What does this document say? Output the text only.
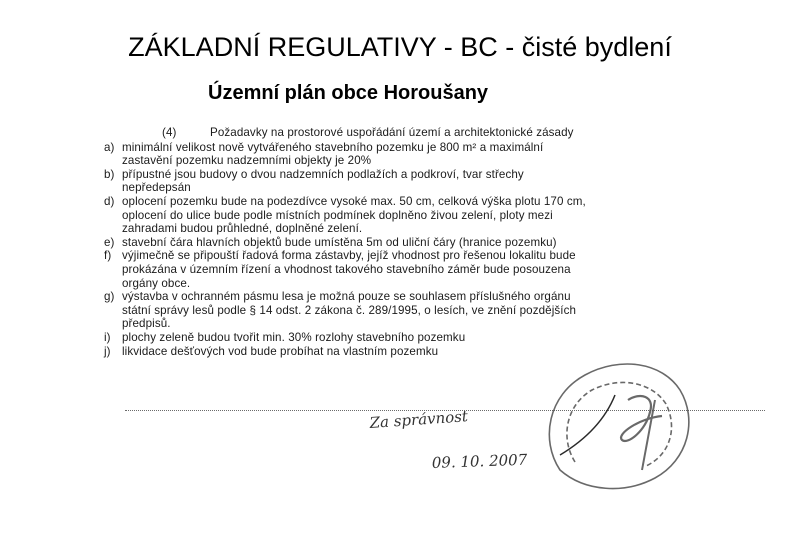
ZÁKLADNÍ REGULATIVY - BC - čisté bydlení
Územní plán obce Horoušany
(4)	Požadavky na prostorové uspořádání území a architektonické zásady
a) minimální velikost nově vytvářeného stavebního pozemku je 800 m² a maximální
zastavění pozemku nadzemními objekty je 20%
b) přípustné jsou budovy o dvou nadzemních podlažích a podkroví, tvar střechy
nepředepsán
d) oplocení pozemku bude na podezdívce vysoké max. 50 cm, celková výška plotu 170 cm,
oplocení do ulice bude podle místních podmínek doplněno živou zelení, ploty mezi
zahradami budou průhledné, doplněné zelení.
e) stavební čára hlavních objektů bude umístěna 5m od uliční čáry (hranice pozemku)
f) výjimečně se připouští řadová forma zástavby, jejíž vhodnost pro řešenou lokalitu bude
prokázána v územním řízení a vhodnost takového stavebního záměr bude posouzena
orgány obce.
g) výstavba v ochranném pásmu lesa je možná pouze se souhlasem příslušného orgánu
státní správy lesů podle § 14 odst. 2 zákona č. 289/1995, o lesích, ve znění pozdějších
předpisů.
i) plochy zeleně budou tvořit min. 30% rozlohy stavebního pozemku
j) likvidace dešťových vod bude probíhat na vlastním pozemku
Za správnost
09. 10. 2007
